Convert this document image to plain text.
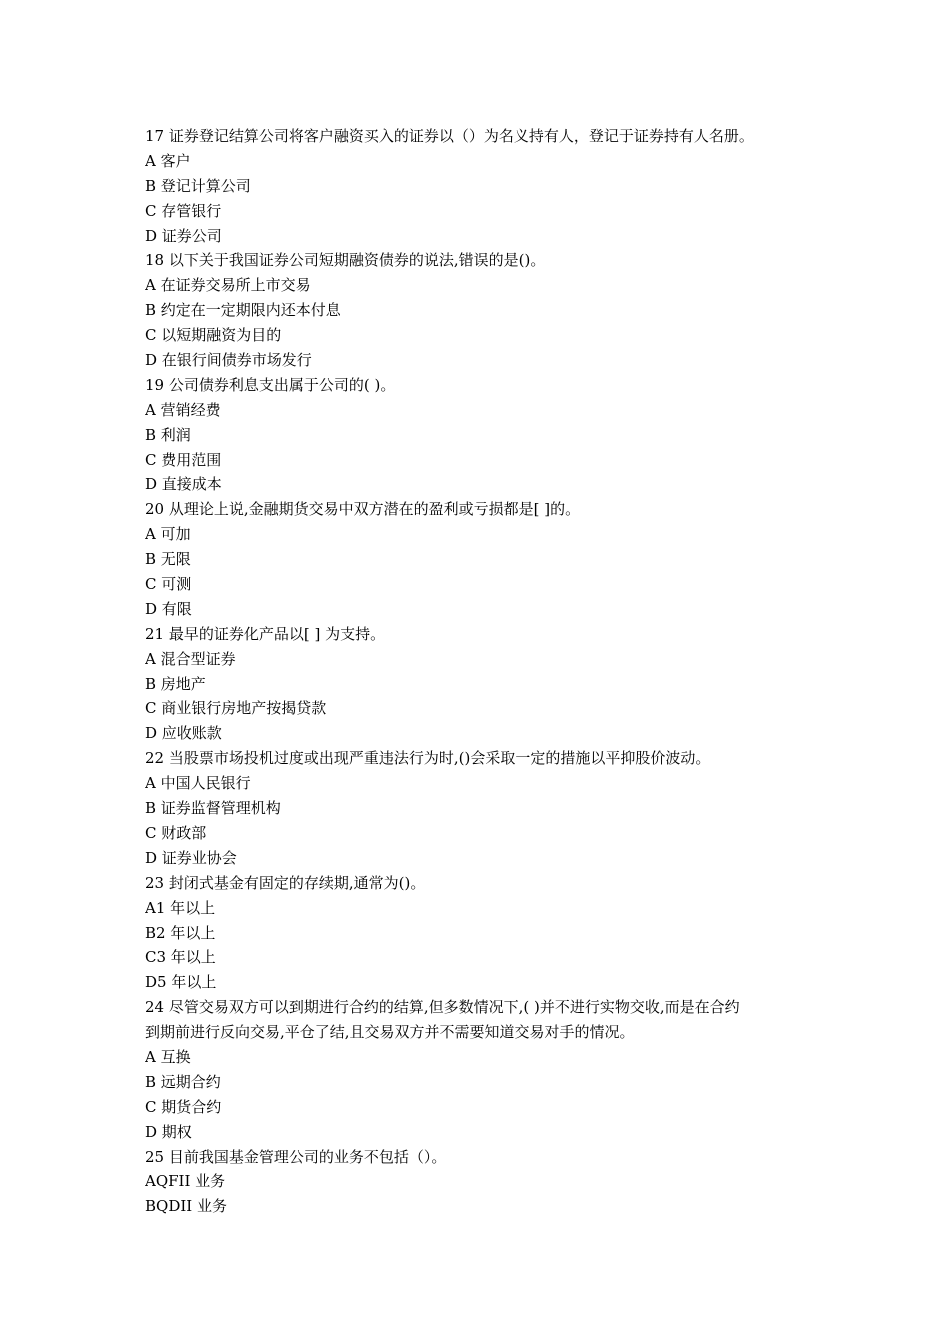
17 证券登记结算公司将客户融资买入的证券以（）为名义持有人，登记于证券持有人名册。
A 客户
B 登记计算公司
C 存管银行
D 证券公司
18 以下关于我国证券公司短期融资债券的说法,错误的是()。
A 在证券交易所上市交易
B 约定在一定期限内还本付息
C 以短期融资为目的
D 在银行间债券市场发行
19 公司债券利息支出属于公司的( )。
A 营销经费
B 利润
C 费用范围
D 直接成本
20 从理论上说,金融期货交易中双方潜在的盈利或亏损都是[ ]的。
A 可加
B 无限
C 可测
D 有限
21 最早的证券化产品以[ ] 为支持。
A 混合型证券
B 房地产
C 商业银行房地产按揭贷款
D 应收账款
22 当股票市场投机过度或出现严重违法行为时,()会采取一定的措施以平抑股价波动。
A 中国人民银行
B 证券监督管理机构
C 财政部
D 证券业协会
23 封闭式基金有固定的存续期,通常为()。
A1 年以上
B2 年以上
C3 年以上
D5 年以上
24 尽管交易双方可以到期进行合约的结算,但多数情况下,( )并不进行实物交收,而是在合约
到期前进行反向交易,平仓了结,且交易双方并不需要知道交易对手的情况。
A 互换
B 远期合约
C 期货合约
D 期权
25 目前我国基金管理公司的业务不包括（）。
AQFII 业务
BQDII 业务
